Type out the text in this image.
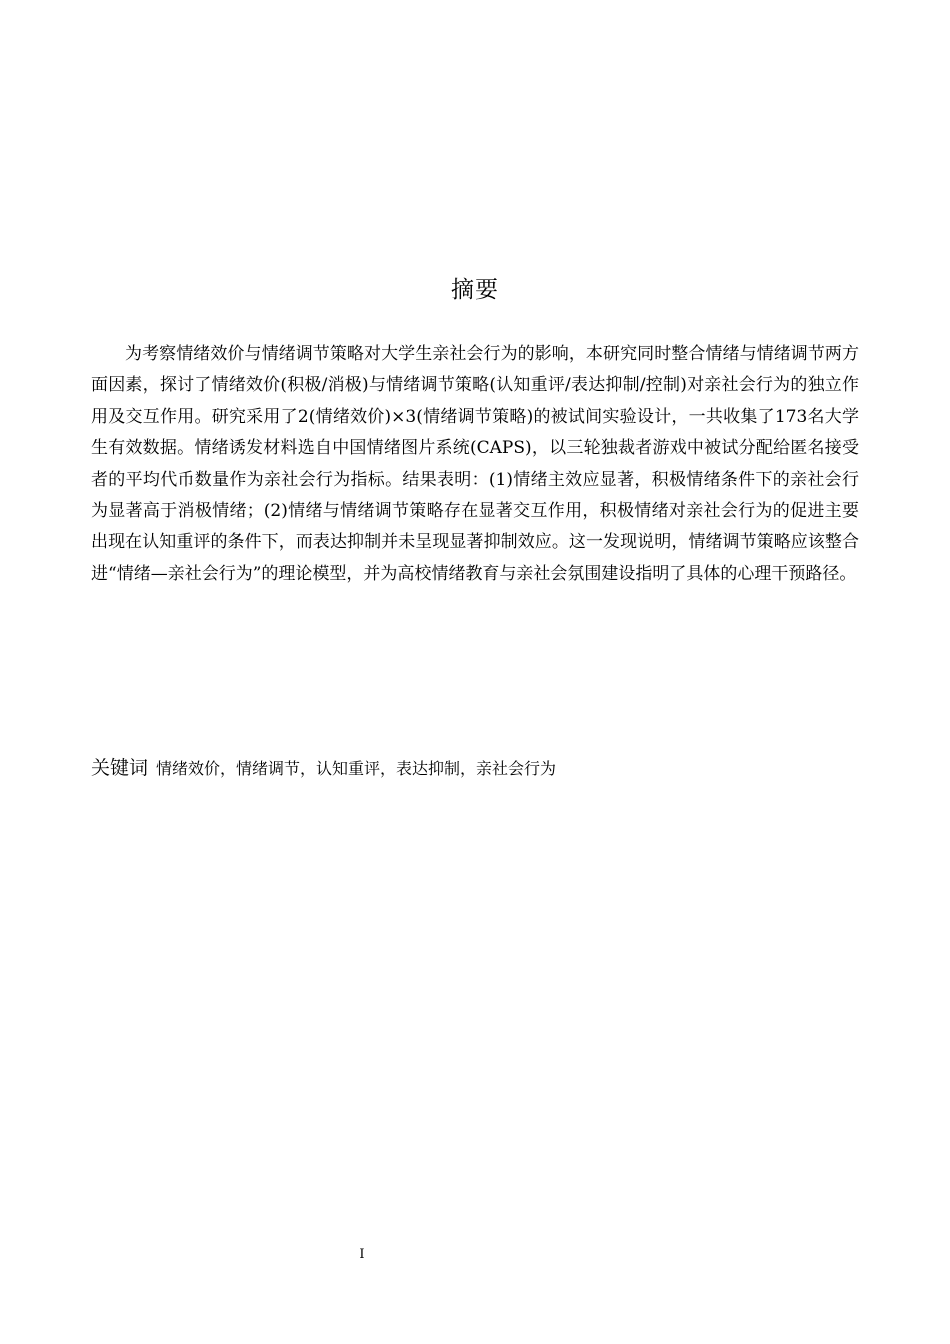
摘要

为考察情绪效价与情绪调节策略对大学生亲社会行为的影响，本研究同时整合情绪与情绪调节两方面因素，探讨了情绪效价(积极/消极)与情绪调节策略(认知重评/表达抑制/控制)对亲社会行为的独立作用及交互作用。研究采用了2(情绪效价)×3(情绪调节策略)的被试间实验设计，一共收集了173名大学生有效数据。情绪诱发材料选自中国情绪图片系统(CAPS)，以三轮独裁者游戏中被试分配给匿名接受者的平均代币数量作为亲社会行为指标。结果表明：(1)情绪主效应显著，积极情绪条件下的亲社会行为显著高于消极情绪；(2)情绪与情绪调节策略存在显著交互作用，积极情绪对亲社会行为的促进主要出现在认知重评的条件下，而表达抑制并未呈现显著抑制效应。这一发现说明，情绪调节策略应该整合进“情绪—亲社会行为”的理论模型，并为高校情绪教育与亲社会氛围建设指明了具体的心理干预路径。

关键词 情绪效价，情绪调节，认知重评，表达抑制，亲社会行为
I
